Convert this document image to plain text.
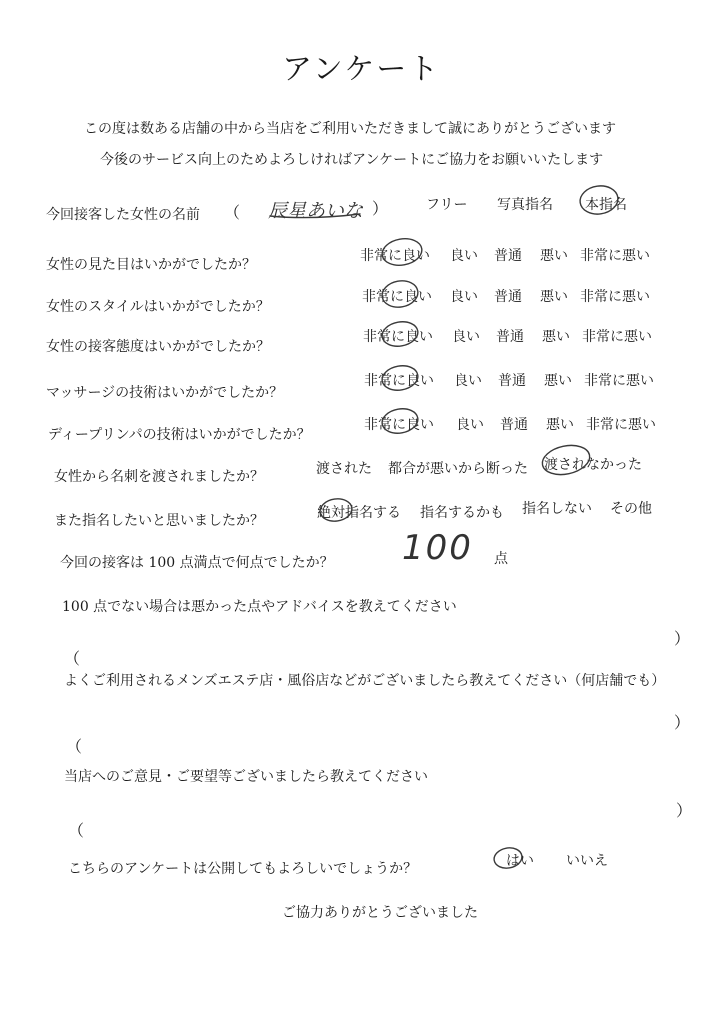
アンケート
この度は数ある店舗の中から当店をご利用いただきまして誠にありがとうございます
今後のサービス向上のためよろしければアンケートにご協力をお願いいたします
今回接客した女性の名前 （ 辰星あいな ）	フリー 写真指名 本指名
女性の見た目はいかがでしたか？
非常に良い 良い 普通 悪い 非常に悪い
女性のスタイルはいかがでしたか？
非常に良い 良い 普通 悪い 非常に悪い
女性の接客態度はいかがでしたか？
非常に良い 良い 普通 悪い 非常に悪い
マッサージの技術はいかがでしたか？
非常に良い 良い 普通 悪い 非常に悪い
ディープリンパの技術はいかがでしたか？
非常に良い 良い 普通 悪い 非常に悪い
女性から名刺を渡されましたか？	渡された 都合が悪いから断った 渡されなかった
また指名したいと思いましたか？	絶対指名する 指名するかも 指名しない その他
今回の接客は 100 点満点で何点でしたか？ 100 点
100 点でない場合は悪かった点やアドバイスを教えてください
）
（
よくご利用されるメンズエステ店・風俗店などがございましたら教えてください（何店舗でも）
）
（
当店へのご意見・ご要望等ございましたら教えてください
）
（
こちらのアンケートは公開してもよろしいでしょうか？	はい いいえ
ご協力ありがとうございました
